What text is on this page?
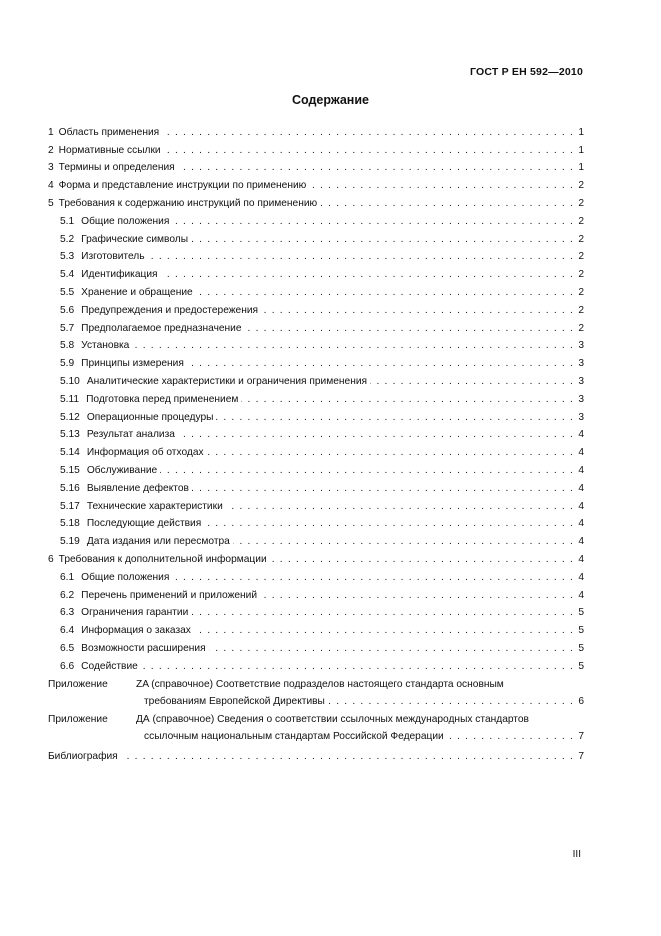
ГОСТ Р ЕН 592—2010
Содержание
1 Область применения . . .	1
2 Нормативные ссылки . . .	1
3 Термины и определения . . .	1
4 Форма и представление инструкции по применению . . .	2
5 Требования к содержанию инструкций по применению . . .	2
5.1 Общие положения . . .	2
5.2 Графические символы . . .	2
5.3 Изготовитель . . .	2
5.4 Идентификация . . .	2
5.5 Хранение и обращение . . .	2
5.6 Предупреждения и предостережения . . .	2
5.7 Предполагаемое предназначение . . .	2
5.8 Установка . . .	3
5.9 Принципы измерения . . .	3
5.10 Аналитические характеристики и ограничения применения . . .	3
5.11 Подготовка перед применением . . .	3
5.12 Операционные процедуры . . .	3
5.13 Результат анализа . . .	4
5.14 Информация об отходах . . .	4
5.15 Обслуживание . . .	4
5.16 Выявление дефектов . . .	4
5.17 Технические характеристики . . .	4
5.18 Последующие действия . . .	4
5.19 Дата издания или пересмотра . . .	4
6 Требования к дополнительной информации . . .	4
6.1 Общие положения . . .	4
6.2 Перечень применений и приложений . . .	4
6.3 Ограничения гарантии . . .	5
6.4 Информация о заказах . . .	5
6.5 Возможности расширения . . .	5
6.6 Содействие . . .	5
Приложение	ZA (справочное) Соответствие подразделов настоящего стандарта основным
требованиям Европейской Директивы . . .	6
Приложение	ДА (справочное) Сведения о соответствии ссылочных международных стандартов
ссылочным национальным стандартам Российской Федерации . . .	7
Библиография . . .	7
III
